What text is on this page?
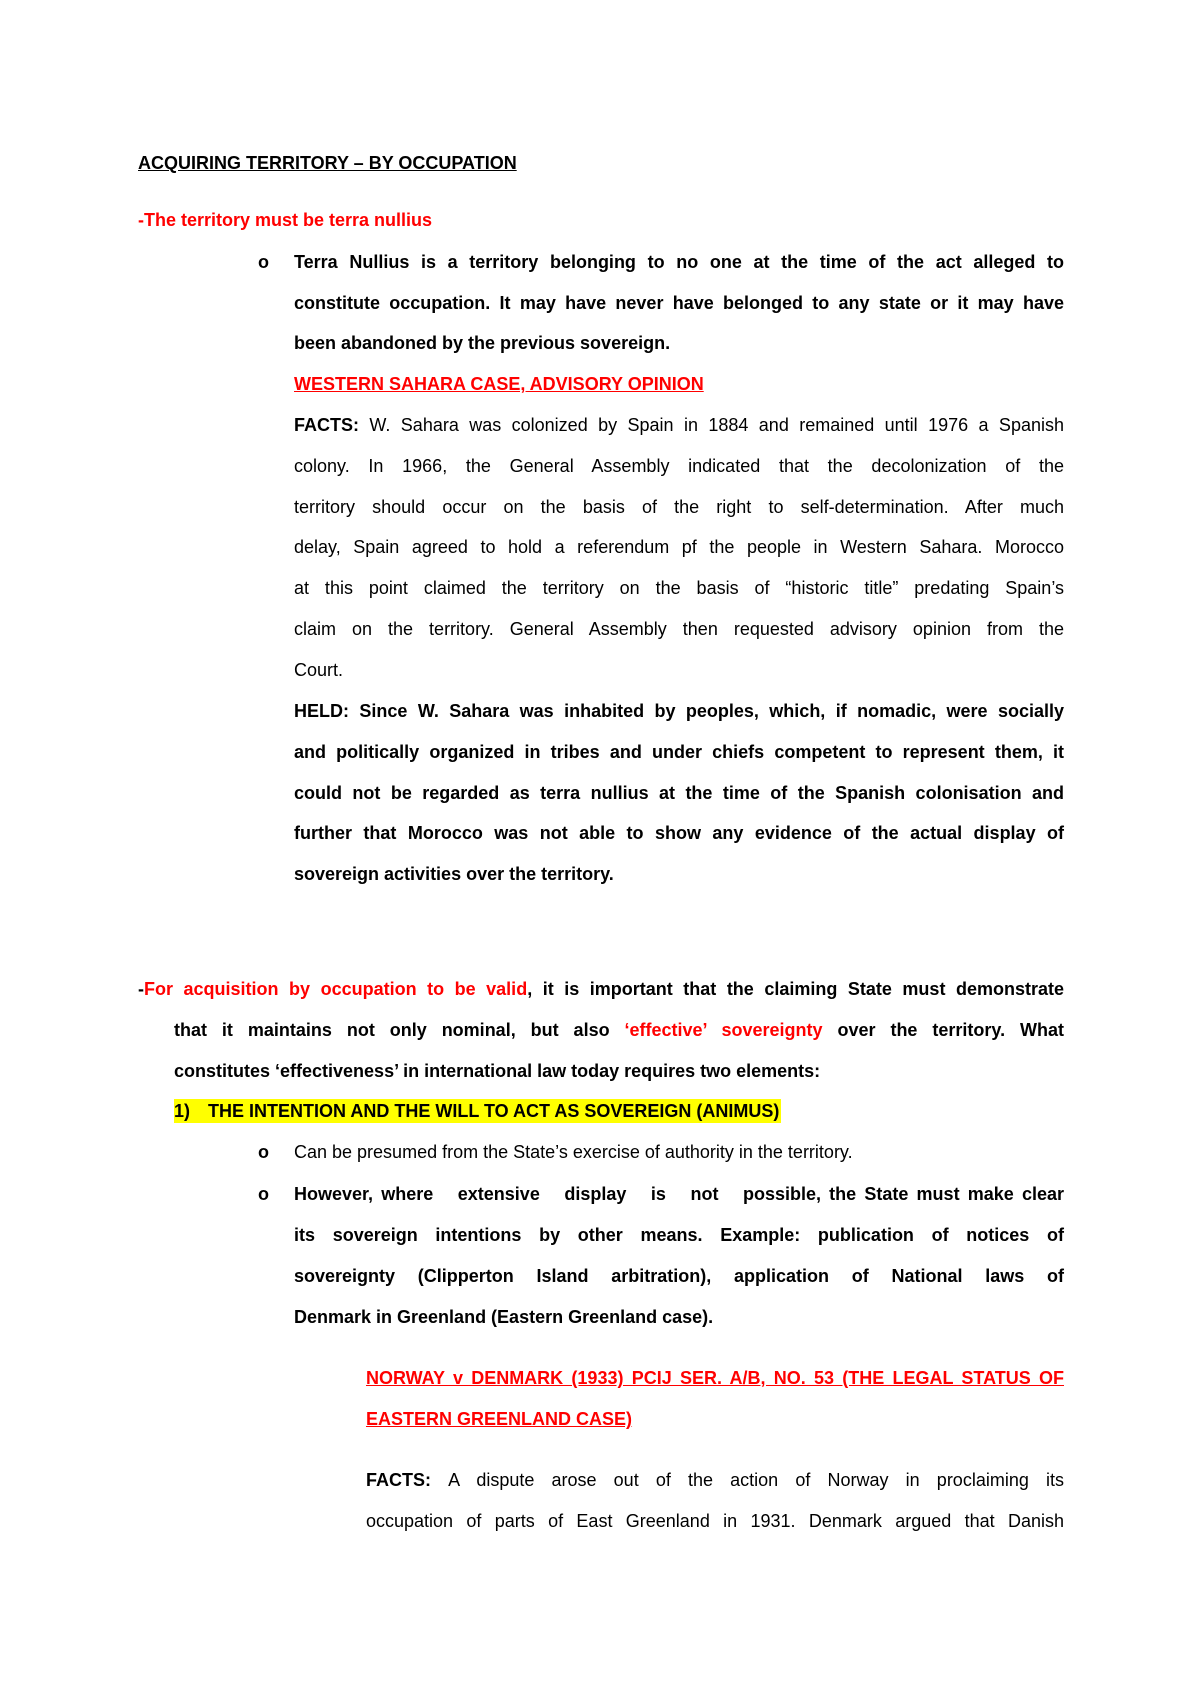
ACQUIRING TERRITORY – BY OCCUPATION
-The territory must be terra nullius
o Terra Nullius is a territory belonging to no one at the time of the act alleged to
constitute occupation. It may have never have belonged to any state or it may have
been abandoned by the previous sovereign.
WESTERN SAHARA CASE, ADVISORY OPINION
FACTS: W. Sahara was colonized by Spain in 1884 and remained until 1976 a Spanish
colony. In 1966, the General Assembly indicated that the decolonization of the
territory should occur on the basis of the right to self-determination. After much
delay, Spain agreed to hold a referendum pf the people in Western Sahara. Morocco
at this point claimed the territory on the basis of “historic title” predating Spain’s
claim on the territory. General Assembly then requested advisory opinion from the
Court.
HELD: Since W. Sahara was inhabited by peoples, which, if nomadic, were socially
and politically organized in tribes and under chiefs competent to represent them, it
could not be regarded as terra nullius at the time of the Spanish colonisation and
further that Morocco was not able to show any evidence of the actual display of
sovereign activities over the territory.
-For acquisition by occupation to be valid, it is important that the claiming State must demonstrate
that it maintains not only nominal, but also ‘effective’ sovereignty over the territory. What
constitutes ‘effectiveness’ in international law today requires two elements:
1) THE INTENTION AND THE WILL TO ACT AS SOVEREIGN (ANIMUS)
o Can be presumed from the State’s exercise of authority in the territory.
o However, where   extensive   display   is   not   possible, the State must make clear
its sovereign intentions by other means. Example: publication of notices of
sovereignty (Clipperton Island arbitration), application of National laws of
Denmark in Greenland (Eastern Greenland case).
NORWAY v DENMARK (1933) PCIJ SER. A/B, NO. 53 (THE LEGAL STATUS OF
EASTERN GREENLAND CASE)
FACTS: A dispute arose out of the action of Norway in proclaiming its
occupation of parts of East Greenland in 1931. Denmark argued that Danish
